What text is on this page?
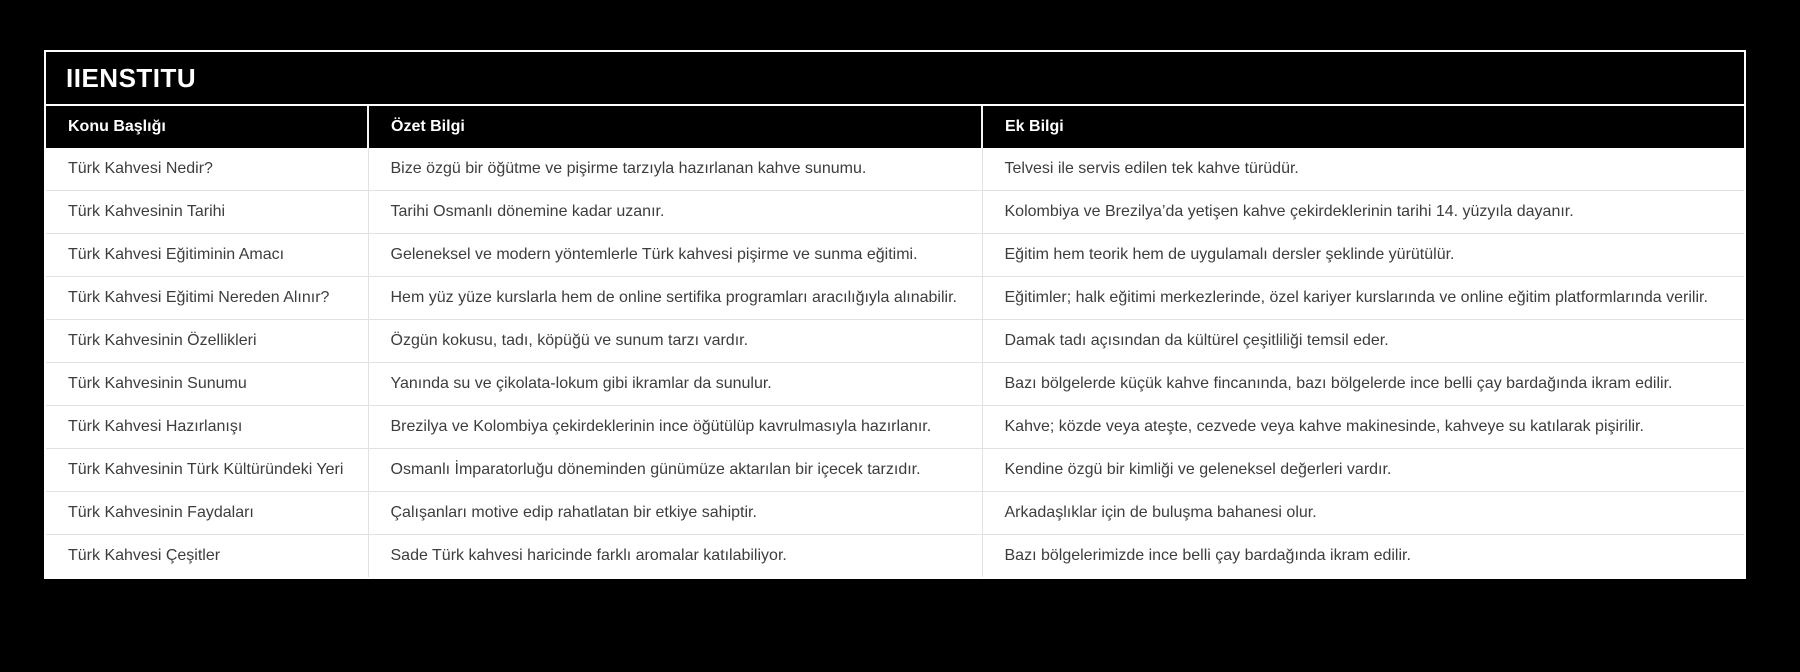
IIENSTITU
Konu Başlığı	Özet Bilgi	Ek Bilgi
Türk Kahvesi Nedir?	Bize özgü bir öğütme ve pişirme tarzıyla hazırlanan kahve sunumu.	Telvesi ile servis edilen tek kahve türüdür.
Türk Kahvesinin Tarihi	Tarihi Osmanlı dönemine kadar uzanır.	Kolombiya ve Brezilya’da yetişen kahve çekirdeklerinin tarihi 14. yüzyıla dayanır.
Türk Kahvesi Eğitiminin Amacı	Geleneksel ve modern yöntemlerle Türk kahvesi pişirme ve sunma eğitimi.	Eğitim hem teorik hem de uygulamalı dersler şeklinde yürütülür.
Türk Kahvesi Eğitimi Nereden Alınır?	Hem yüz yüze kurslarla hem de online sertifika programları aracılığıyla alınabilir.	Eğitimler; halk eğitimi merkezlerinde, özel kariyer kurslarında ve online eğitim platformlarında verilir.
Türk Kahvesinin Özellikleri	Özgün kokusu, tadı, köpüğü ve sunum tarzı vardır.	Damak tadı açısından da kültürel çeşitliliği temsil eder.
Türk Kahvesinin Sunumu	Yanında su ve çikolata-lokum gibi ikramlar da sunulur.	Bazı bölgelerde küçük kahve fincanında, bazı bölgelerde ince belli çay bardağında ikram edilir.
Türk Kahvesi Hazırlanışı	Brezilya ve Kolombiya çekirdeklerinin ince öğütülüp kavrulmasıyla hazırlanır.	Kahve; közde veya ateşte, cezvede veya kahve makinesinde, kahveye su katılarak pişirilir.
Türk Kahvesinin Türk Kültüründeki Yeri	Osmanlı İmparatorluğu döneminden günümüze aktarılan bir içecek tarzıdır.	Kendine özgü bir kimliği ve geleneksel değerleri vardır.
Türk Kahvesinin Faydaları	Çalışanları motive edip rahatlatan bir etkiye sahiptir.	Arkadaşlıklar için de buluşma bahanesi olur.
Türk Kahvesi Çeşitler	Sade Türk kahvesi haricinde farklı aromalar katılabiliyor.	Bazı bölgelerimizde ince belli çay bardağında ikram edilir.
